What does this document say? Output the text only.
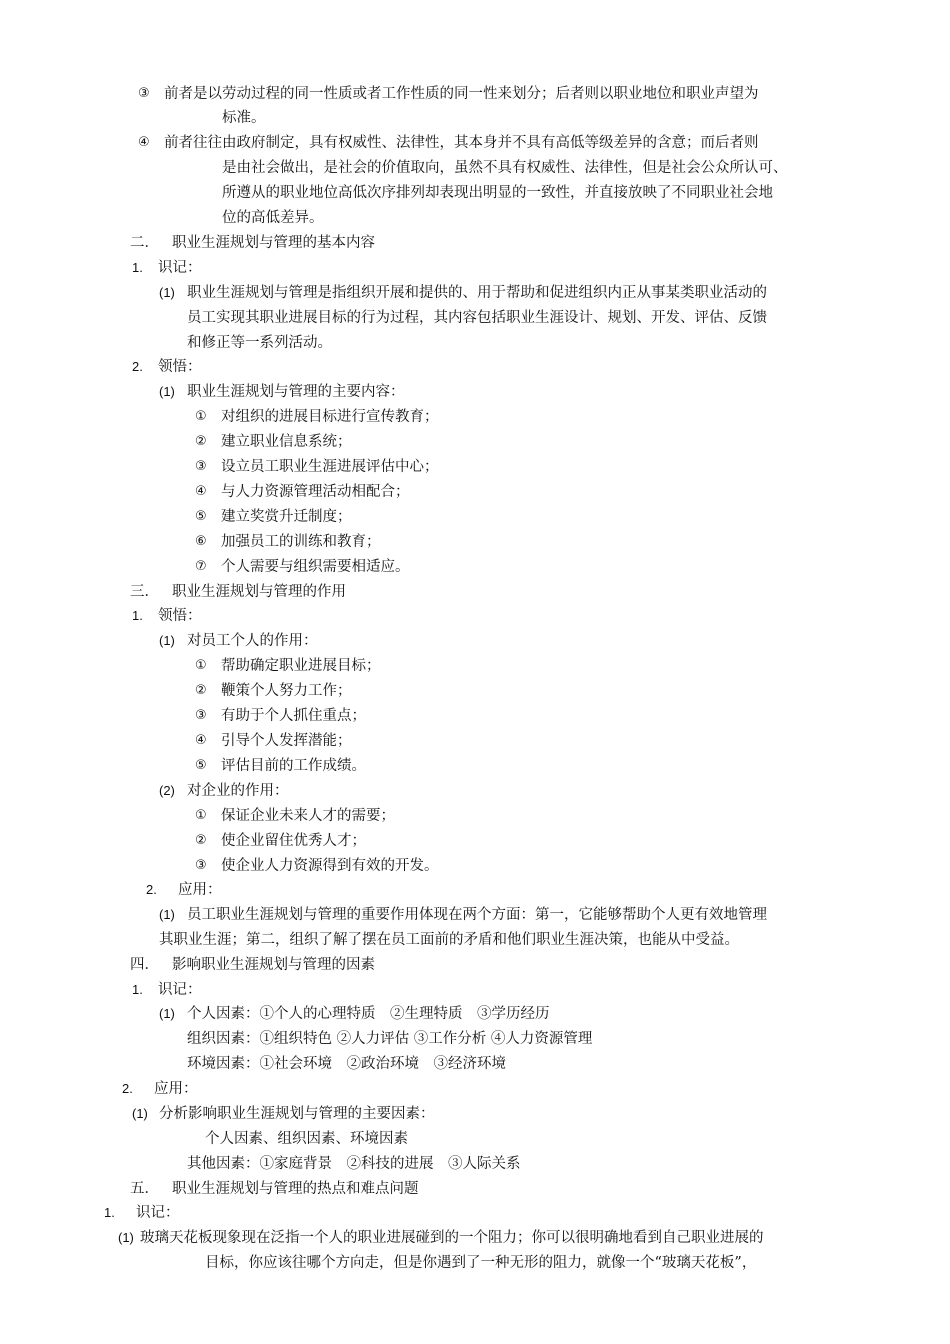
③ 前者是以劳动过程的同一性质或者工作性质的同一性来划分；后者则以职业地位和职业声望为
标准。
④ 前者往往由政府制定，具有权威性、法律性，其本身并不具有高低等级差异的含意；而后者则
是由社会做出，是社会的价值取向，虽然不具有权威性、法律性，但是社会公众所认可、
所遵从的职业地位高低次序排列却表现出明显的一致性，并直接放映了不同职业社会地
位的高低差异。
二． 职业生涯规划与管理的基本内容
1. 识记：
(1) 职业生涯规划与管理是指组织开展和提供的、用于帮助和促进组织内正从事某类职业活动的
员工实现其职业进展目标的行为过程，其内容包括职业生涯设计、规划、开发、评估、反馈
和修正等一系列活动。
2. 领悟：
(1) 职业生涯规划与管理的主要内容：
① 对组织的进展目标进行宣传教育；
② 建立职业信息系统；
③ 设立员工职业生涯进展评估中心；
④ 与人力资源管理活动相配合；
⑤ 建立奖赏升迁制度；
⑥ 加强员工的训练和教育；
⑦ 个人需要与组织需要相适应。
三． 职业生涯规划与管理的作用
1. 领悟：
(1) 对员工个人的作用：
① 帮助确定职业进展目标；
② 鞭策个人努力工作；
③ 有助于个人抓住重点；
④ 引导个人发挥潜能；
⑤ 评估目前的工作成绩。
(2) 对企业的作用：
① 保证企业未来人才的需要；
② 使企业留住优秀人才；
③ 使企业人力资源得到有效的开发。
2. 应用：
(1) 员工职业生涯规划与管理的重要作用体现在两个方面：第一，它能够帮助个人更有效地管理
其职业生涯；第二，组织了解了摆在员工面前的矛盾和他们职业生涯决策，也能从中受益。
四． 影响职业生涯规划与管理的因素
1. 识记：
(1) 个人因素：①个人的心理特质　②生理特质　③学历经历
组织因素：①组织特色 ②人力评估 ③工作分析 ④人力资源管理
环境因素：①社会环境　②政治环境　③经济环境
2. 应用：
(1) 分析影响职业生涯规划与管理的主要因素：
个人因素、组织因素、环境因素
其他因素：①家庭背景　②科技的进展　③人际关系
五． 职业生涯规划与管理的热点和难点问题
1. 识记：
(1) 玻璃天花板现象现在泛指一个人的职业进展碰到的一个阻力；你可以很明确地看到自己职业进展的
目标，你应该往哪个方向走，但是你遇到了一种无形的阻力，就像一个“玻璃天花板”，
